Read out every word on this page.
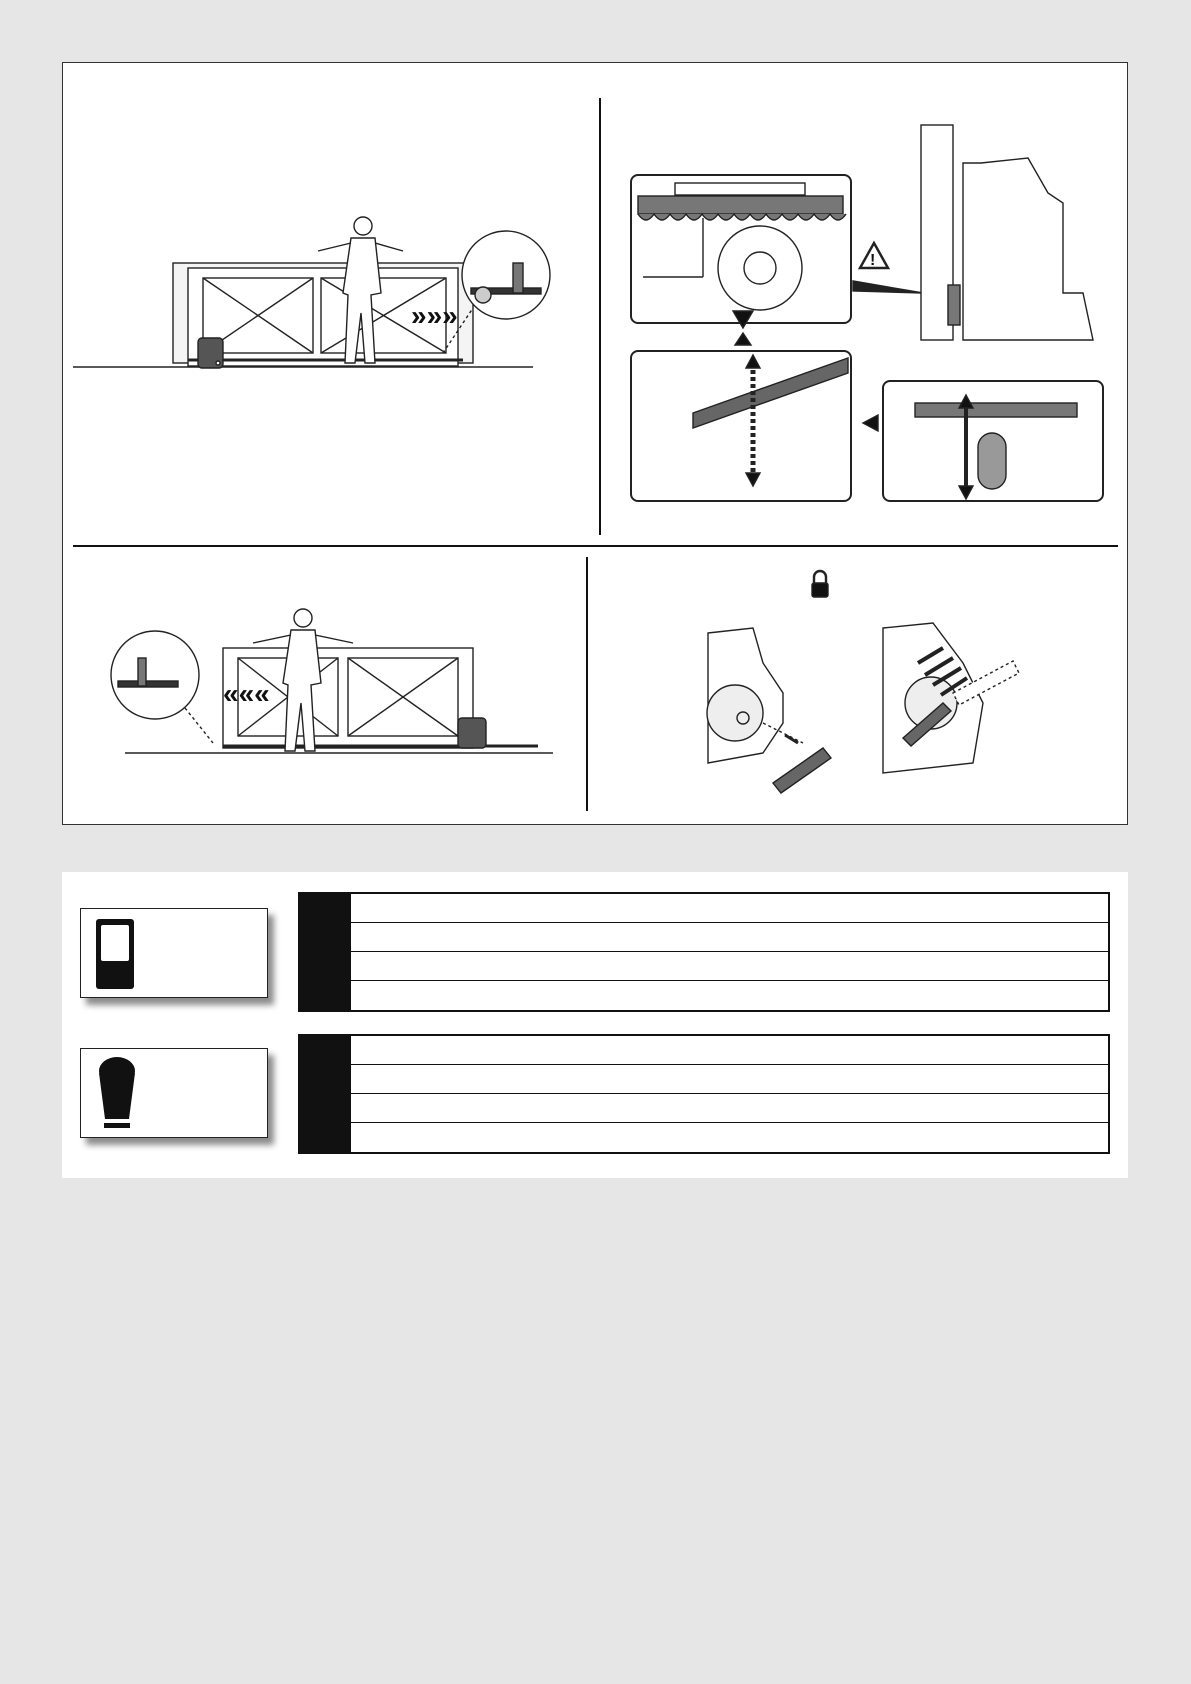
»»»
!
«««
